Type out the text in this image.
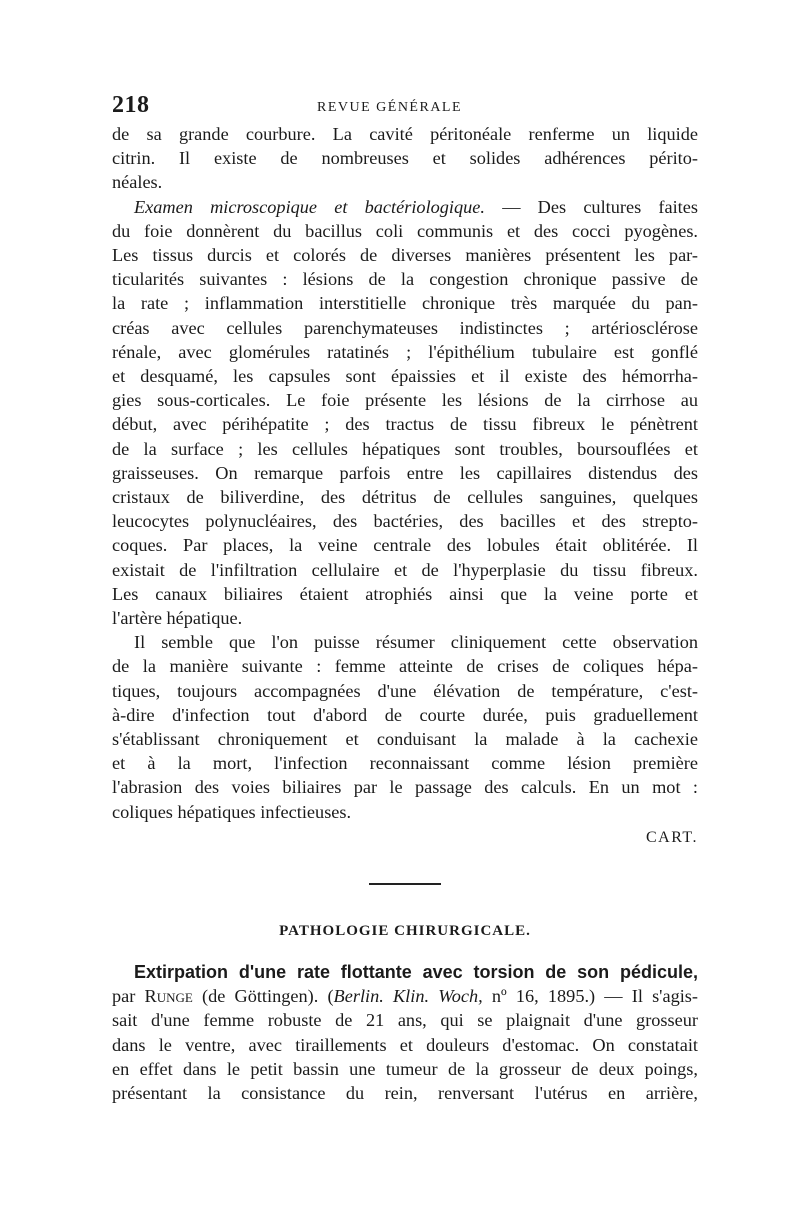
218	REVUE GÉNÉRALE

de sa grande courbure. La cavité péritonéale renferme un liquide
citrin. Il existe de nombreuses et solides adhérences périto-
néales.

Examen microscopique et bactériologique. — Des cultures faites
du foie donnèrent du bacillus coli communis et des cocci pyogènes.
Les tissus durcis et colorés de diverses manières présentent les par-
ticularités suivantes : lésions de la congestion chronique passive de
la rate ; inflammation interstitielle chronique très marquée du pan-
créas avec cellules parenchymateuses indistinctes ; artériosclérose
rénale, avec glomérules ratatinés ; l'épithélium tubulaire est gonflé
et desquamé, les capsules sont épaissies et il existe des hémorrha-
gies sous-corticales. Le foie présente les lésions de la cirrhose au
début, avec périhépatite ; des tractus de tissu fibreux le pénètrent
de la surface ; les cellules hépatiques sont troubles, boursouflées et
graisseuses. On remarque parfois entre les capillaires distendus des
cristaux de biliverdine, des détritus de cellules sanguines, quelques
leucocytes polynucléaires, des bactéries, des bacilles et des strepto-
coques. Par places, la veine centrale des lobules était oblitérée. Il
existait de l'infiltration cellulaire et de l'hyperplasie du tissu fibreux.
Les canaux biliaires étaient atrophiés ainsi que la veine porte et
l'artère hépatique.

Il semble que l'on puisse résumer cliniquement cette observation
de la manière suivante : femme atteinte de crises de coliques hépa-
tiques, toujours accompagnées d'une élévation de température, c'est-
à-dire d'infection tout d'abord de courte durée, puis graduellement
s'établissant chroniquement et conduisant la malade à la cachexie
et à la mort, l'infection reconnaissant comme lésion première
l'abrasion des voies biliaires par le passage des calculs. En un mot :
coliques hépatiques infectieuses.

CART.
PATHOLOGIE CHIRURGICALE.

Extirpation d'une rate flottante avec torsion de son pédicule,
par Runge (de Göttingen). (Berlin. Klin. Woch, nº 16, 1895.) — Il s'agis-
sait d'une femme robuste de 21 ans, qui se plaignait d'une grosseur
dans le ventre, avec tiraillements et douleurs d'estomac. On constatait
en effet dans le petit bassin une tumeur de la grosseur de deux poings,
présentant la consistance du rein, renversant l'utérus en arrière,
